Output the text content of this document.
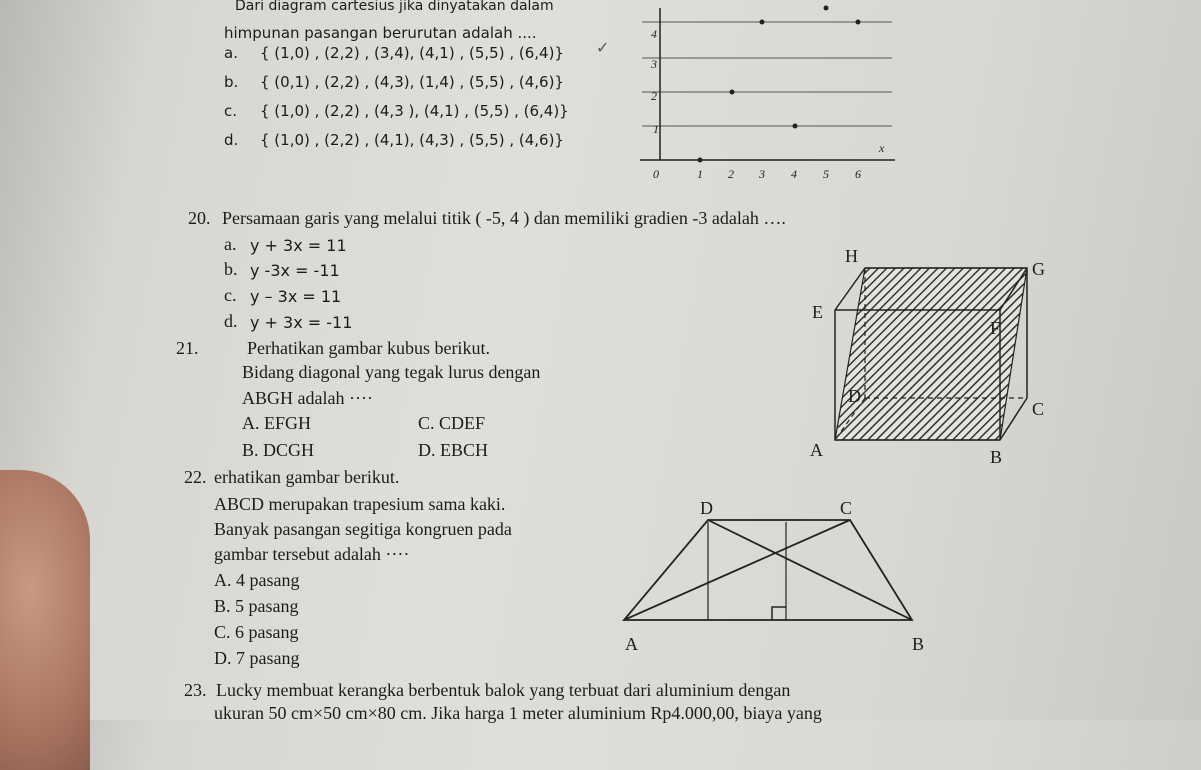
Dari diagram cartesius jika dinyatakan dalam
himpunan pasangan berurutan adalah ....
a. { (1,0) , (2,2) , (3,4), (4,1) , (5,5) , (6,4)} ✓
b. { (0,1) , (2,2) , (4,3), (1,4) , (5,5) , (4,6)}
c. { (1,0) , (2,2) , (4,3 ), (4,1) , (5,5) , (6,4)}
d. { (1,0) , (2,2) , (4,1), (4,3) , (5,5) , (4,6)}
4
3
2
1
0	1 2 3 4 5 6
x
20. Persamaan garis yang melalui titik ( -5, 4 ) dan memiliki gradien -3 adalah ….
a. y + 3x = 11
b. y -3x = -11
c. y – 3x = 11
d. y + 3x = -11
21.	Perhatikan gambar kubus berikut.
Bidang diagonal yang tegak lurus dengan
ABGH adalah ····
A. EFGH	C. CDEF
B. DCGH	D. EBCH
H
G
E
F
D
C
A	B
22. erhatikan gambar berikut.
ABCD merupakan trapesium sama kaki.
Banyak pasangan segitiga kongruen pada
gambar tersebut adalah ····
A. 4 pasang
B. 5 pasang
C. 6 pasang
D. 7 pasang
D	C
A	B
23. Lucky membuat kerangka berbentuk balok yang terbuat dari aluminium dengan
ukuran 50 cm×50 cm×80 cm. Jika harga 1 meter aluminium Rp4.000,00, biaya yang
